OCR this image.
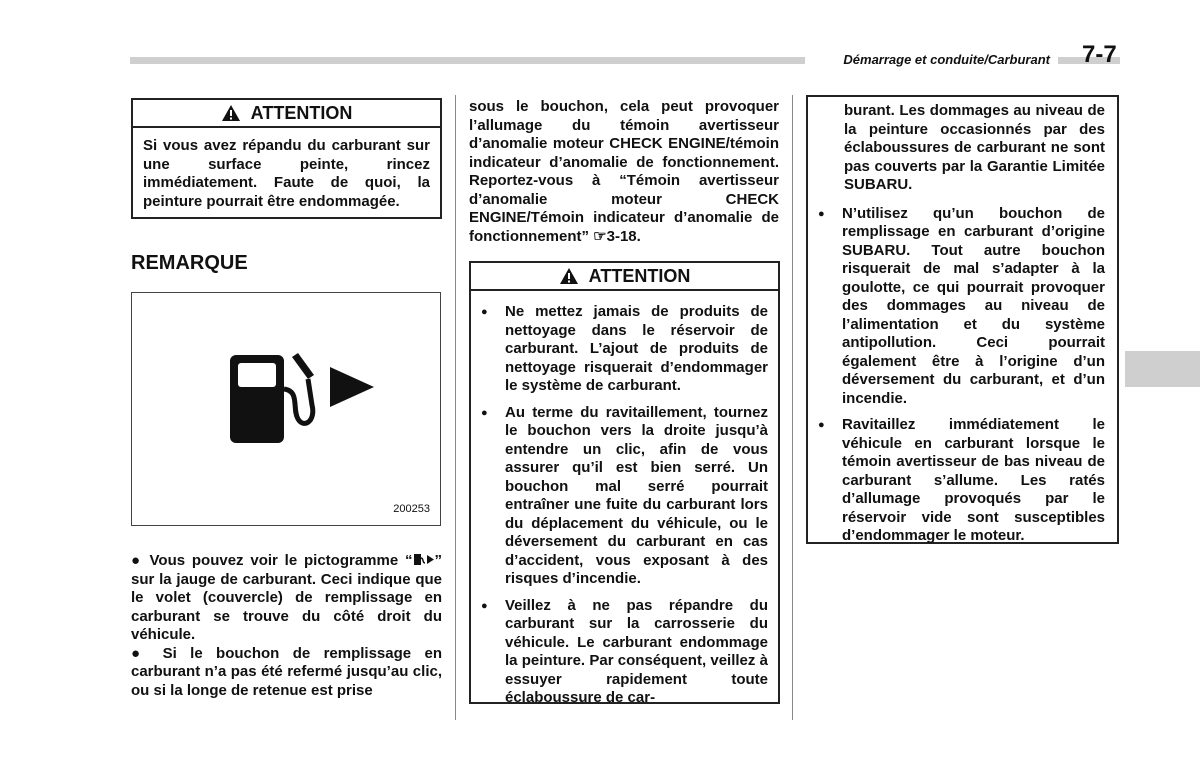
Démarrage et conduite/Carburant 7-7
ATTENTION
Si vous avez répandu du carburant sur une surface peinte, rincez immédiatement. Faute de quoi, la peinture pourrait être endommagée.
REMARQUE
200253

● Vous pouvez voir le pictogramme “ ” sur la jauge de carburant. Ceci indique que le volet (couvercle) de remplissage en carburant se trouve du côté droit du véhicule.

● Si le bouchon de remplissage en carburant n’a pas été refermé jusqu’au clic, ou si la longe de retenue est prise

sous le bouchon, cela peut provoquer l’allumage du témoin avertisseur d’anomalie moteur CHECK ENGINE/témoin indicateur d’anomalie de fonctionnement. Reportez-vous à “Témoin avertisseur d’anomalie moteur CHECK ENGINE/Témoin indicateur d’anomalie de fonctionnement” ☞3-18.
ATTENTION
● Ne mettez jamais de produits de nettoyage dans le réservoir de carburant. L’ajout de produits de nettoyage risquerait d’endommager le système de carburant.
● Au terme du ravitaillement, tournez le bouchon vers la droite jusqu’à entendre un clic, afin de vous assurer qu’il est bien serré. Un bouchon mal serré pourrait entraîner une fuite du carburant lors du déplacement du véhicule, ou le déversement du carburant en cas d’accident, vous exposant à des risques d’incendie.
● Veillez à ne pas répandre du carburant sur la carrosserie du véhicule. Le carburant endommage la peinture. Par conséquent, veillez à essuyer rapidement toute éclaboussure de car-
burant. Les dommages au niveau de la peinture occasionnés par des éclaboussures de carburant ne sont pas couverts par la Garantie Limitée SUBARU.
● N’utilisez qu’un bouchon de remplissage en carburant d’origine SUBARU. Tout autre bouchon risquerait de mal s’adapter à la goulotte, ce qui pourrait provoquer des dommages au niveau de l’alimentation et du système antipollution. Ceci pourrait également être à l’origine d’un déversement du carburant, et d’un incendie.
● Ravitaillez immédiatement le véhicule en carburant lorsque le témoin avertisseur de bas niveau de carburant s’allume. Les ratés d’allumage provoqués par le réservoir vide sont susceptibles d’endommager le moteur.
